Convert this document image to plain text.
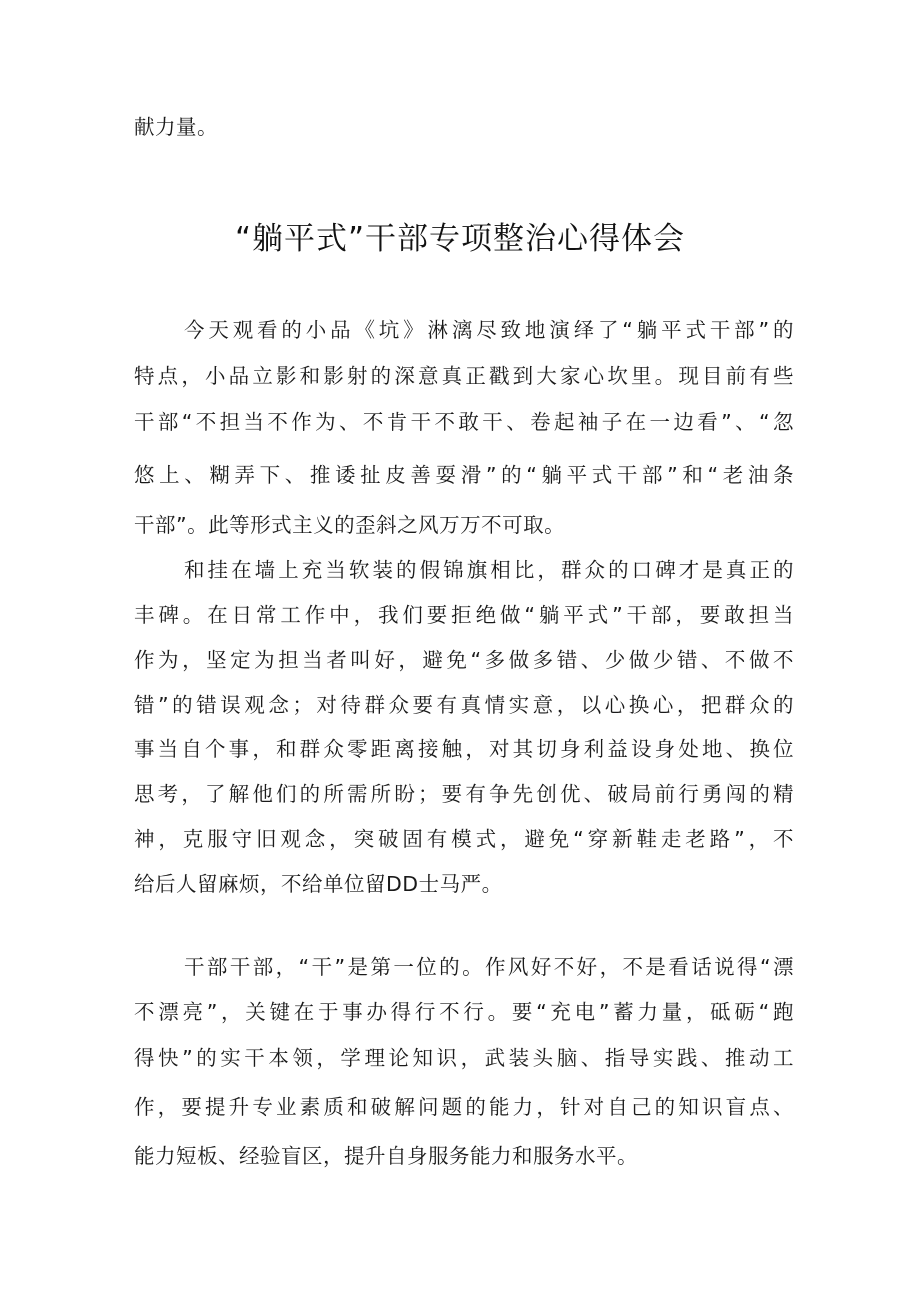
献力量。

“躺平式”干部专项整治心得体会

今天观看的小品《坑》淋漓尽致地演绎了“躺平式干部”的

特点，小品立影和影射的深意真正戳到大家心坎里。现目前有些

干部“不担当不作为、不肯干不敢干、卷起袖子在一边看”、“忽

悠上、糊弄下、推诿扯皮善耍滑”的“躺平式干部”和“老油条

干部”。此等形式主义的歪斜之风万万不可取。

和挂在墙上充当软装的假锦旗相比，群众的口碑才是真正的

丰碑。在日常工作中，我们要拒绝做“躺平式”干部，要敢担当

作为，坚定为担当者叫好，避免“多做多错、少做少错、不做不

错”的错误观念；对待群众要有真情实意，以心换心，把群众的

事当自个事，和群众零距离接触，对其切身利益设身处地、换位

思考，了解他们的所需所盼；要有争先创优、破局前行勇闯的精

神，克服守旧观念，突破固有模式，避免“穿新鞋走老路”，不

给后人留麻烦，不给单位留DD士马严。

干部干部，“干”是第一位的。作风好不好，不是看话说得“漂

不漂亮”，关键在于事办得行不行。要“充电”蓄力量，砥砺“跑

得快”的实干本领，学理论知识，武装头脑、指导实践、推动工

作，要提升专业素质和破解问题的能力，针对自己的知识盲点、

能力短板、经验盲区，提升自身服务能力和服务水平。
